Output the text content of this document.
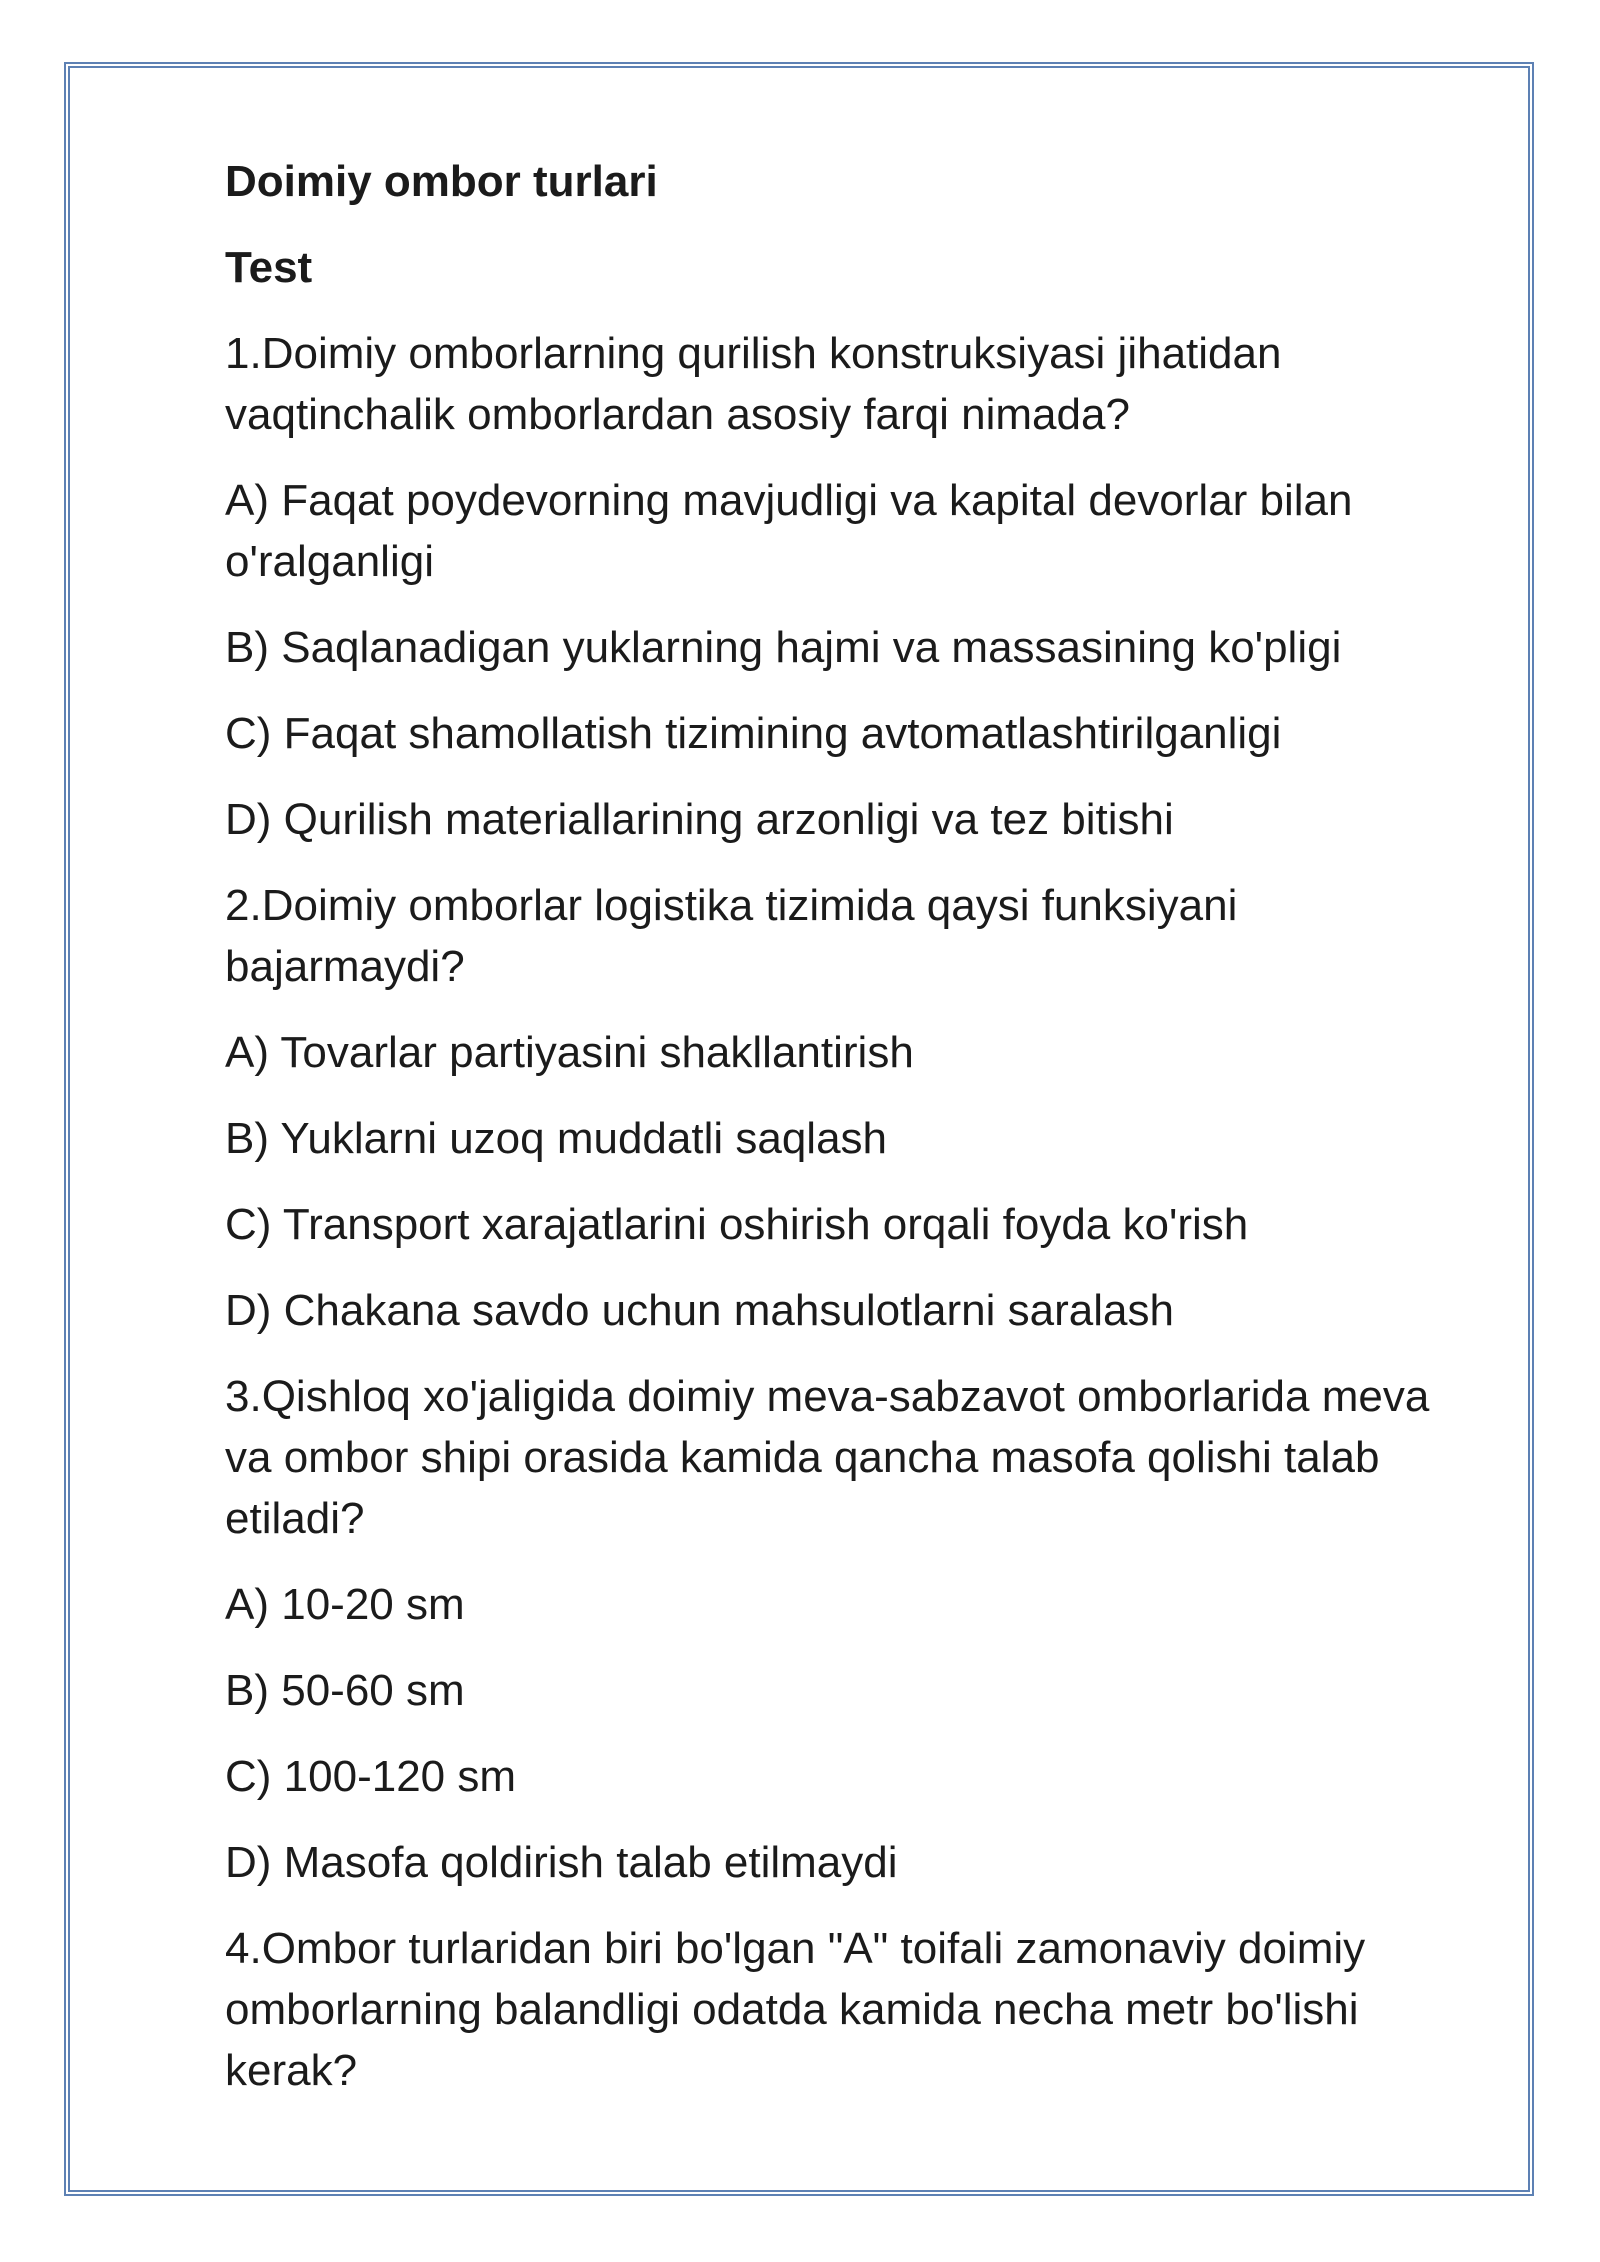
Doimiy ombor turlari

Test

1.Doimiy omborlarning qurilish konstruksiyasi jihatidan vaqtinchalik omborlardan asosiy farqi nimada?

A) Faqat poydevorning mavjudligi va kapital devorlar bilan o'ralganligi

B) Saqlanadigan yuklarning hajmi va massasining ko'pligi

C) Faqat shamollatish tizimining avtomatlashtirilganligi

D) Qurilish materiallarining arzonligi va tez bitishi

2.Doimiy omborlar logistika tizimida qaysi funksiyani bajarmaydi?

A) Tovarlar partiyasini shakllantirish

B) Yuklarni uzoq muddatli saqlash

C) Transport xarajatlarini oshirish orqali foyda ko'rish

D) Chakana savdo uchun mahsulotlarni saralash

3.Qishloq xo'jaligida doimiy meva-sabzavot omborlarida meva va ombor shipi orasida kamida qancha masofa qolishi talab etiladi?

A) 10-20 sm

B) 50-60 sm

C) 100-120 sm

D) Masofa qoldirish talab etilmaydi

4.Ombor turlaridan biri bo'lgan "A" toifali zamonaviy doimiy omborlarning balandligi odatda kamida necha metr bo'lishi kerak?
